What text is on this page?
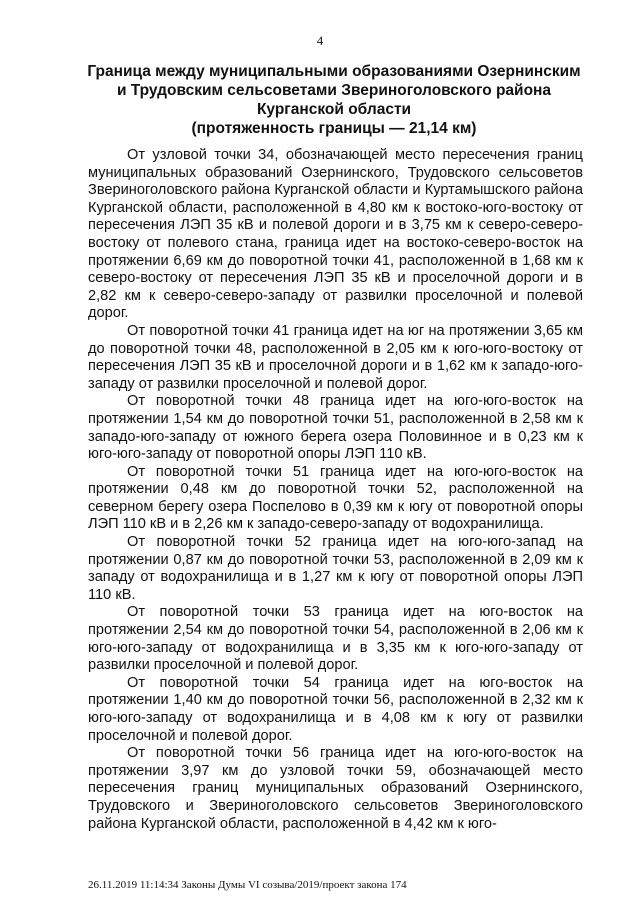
4
Граница между муниципальными образованиями Озернинским
и Трудовским сельсоветами Звериноголовского района
Курганской области
(протяженность границы — 21,14 км)

От узловой точки 34, обозначающей место пересечения границ муниципальных образований Озернинского, Трудовского сельсоветов Звериноголовского района Курганской области и Куртамышского района Курганской области, расположенной в 4,80 км к востоко-юго-востоку от пересечения ЛЭП 35 кВ и полевой дороги и в 3,75 км к северо-северо-востоку от полевого стана, граница идет на востоко-северо-восток на протяжении 6,69 км до поворотной точки 41, расположенной в 1,68 км к северо-востоку от пересечения ЛЭП 35 кВ и проселочной дороги и в 2,82 км к северо-северо-западу от развилки проселочной и полевой дорог.

От поворотной точки 41 граница идет на юг на протяжении 3,65 км до поворотной точки 48, расположенной в 2,05 км к юго-юго-востоку от пересечения ЛЭП 35 кВ и проселочной дороги и в 1,62 км к западо-юго-западу от развилки проселочной и полевой дорог.

От поворотной точки 48 граница идет на юго-юго-восток на протяжении 1,54 км до поворотной точки 51, расположенной в 2,58 км к западо-юго-западу от южного берега озера Половинное и в 0,23 км к юго-юго-западу от поворотной опоры ЛЭП 110 кВ.

От поворотной точки 51 граница идет на юго-юго-восток на протяжении 0,48 км до поворотной точки 52, расположенной на северном берегу озера Поспелово в 0,39 км к югу от поворотной опоры ЛЭП 110 кВ и в 2,26 км к западо-северо-западу от водохранилища.

От поворотной точки 52 граница идет на юго-юго-запад на протяжении 0,87 км до поворотной точки 53, расположенной в 2,09 км к западу от водохранилища и в 1,27 км к югу от поворотной опоры ЛЭП 110 кВ.

От поворотной точки 53 граница идет на юго-восток на протяжении 2,54 км до поворотной точки 54, расположенной в 2,06 км к юго-юго-западу от водохранилища и в 3,35 км к юго-юго-западу от развилки проселочной и полевой дорог.

От поворотной точки 54 граница идет на юго-восток на протяжении 1,40 км до поворотной точки 56, расположенной в 2,32 км к юго-юго-западу от водохранилища и в 4,08 км к югу от развилки проселочной и полевой дорог.

От поворотной точки 56 граница идет на юго-юго-восток на протяжении 3,97 км до узловой точки 59, обозначающей место пересечения границ муниципальных образований Озернинского, Трудовского и Звериноголовского сельсоветов Звериноголовского района Курганской области, расположенной в 4,42 км к юго-

26.11.2019 11:14:34 Законы Думы VI созыва/2019/проект закона 174
